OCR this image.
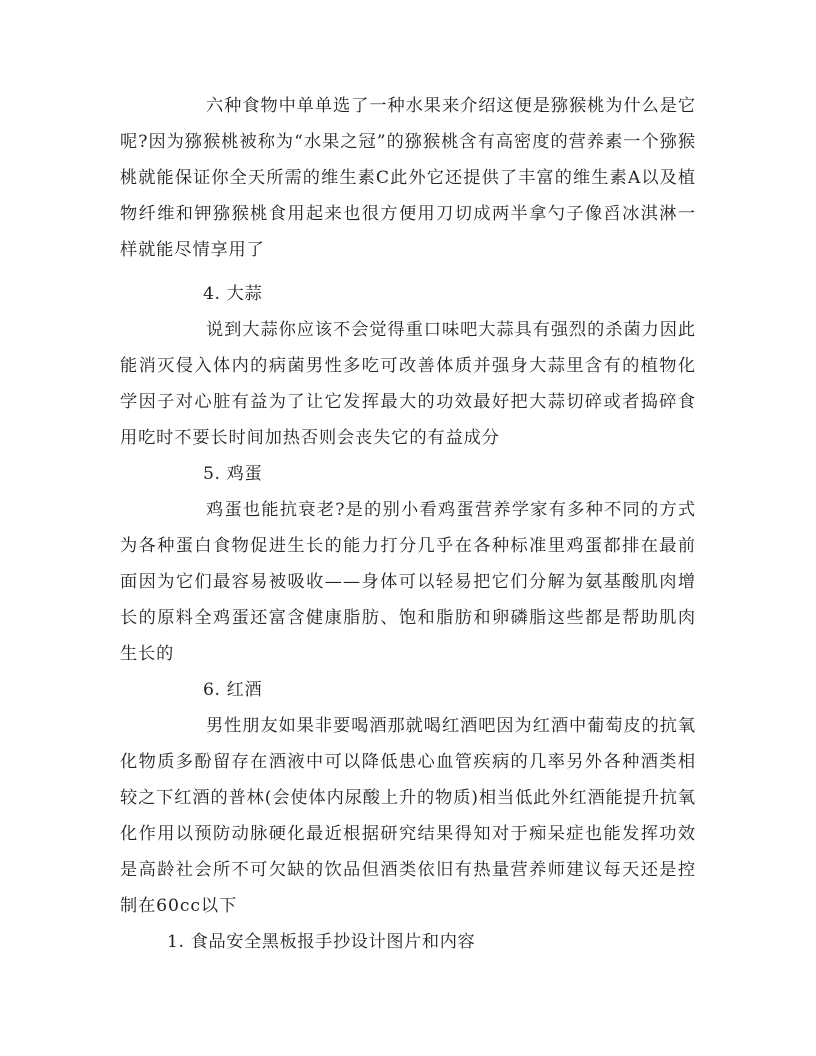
六种食物中单单选了一种水果来介绍这便是猕猴桃为什么是它呢?因为猕猴桃被称为“水果之冠”的猕猴桃含有高密度的营养素一个猕猴桃就能保证你全天所需的维生素C此外它还提供了丰富的维生素A以及植物纤维和钾猕猴桃食用起来也很方便用刀切成两半拿勺子像舀冰淇淋一样就能尽情享用了

4. 大蒜

说到大蒜你应该不会觉得重口味吧大蒜具有强烈的杀菌力因此能消灭侵入体内的病菌男性多吃可改善体质并强身大蒜里含有的植物化学因子对心脏有益为了让它发挥最大的功效最好把大蒜切碎或者捣碎食用吃时不要长时间加热否则会丧失它的有益成分

5. 鸡蛋

鸡蛋也能抗衰老?是的别小看鸡蛋营养学家有多种不同的方式为各种蛋白食物促进生长的能力打分几乎在各种标准里鸡蛋都排在最前面因为它们最容易被吸收——身体可以轻易把它们分解为氨基酸肌肉增长的原料全鸡蛋还富含健康脂肪、饱和脂肪和卵磷脂这些都是帮助肌肉生长的

6. 红酒

男性朋友如果非要喝酒那就喝红酒吧因为红酒中葡萄皮的抗氧化物质多酚留存在酒液中可以降低患心血管疾病的几率另外各种酒类相较之下红酒的普林(会使体内尿酸上升的物质)相当低此外红酒能提升抗氧化作用以预防动脉硬化最近根据研究结果得知对于痴呆症也能发挥功效是高龄社会所不可欠缺的饮品但酒类依旧有热量营养师建议每天还是控制在60cc以下

1. 食品安全黑板报手抄设计图片和内容
